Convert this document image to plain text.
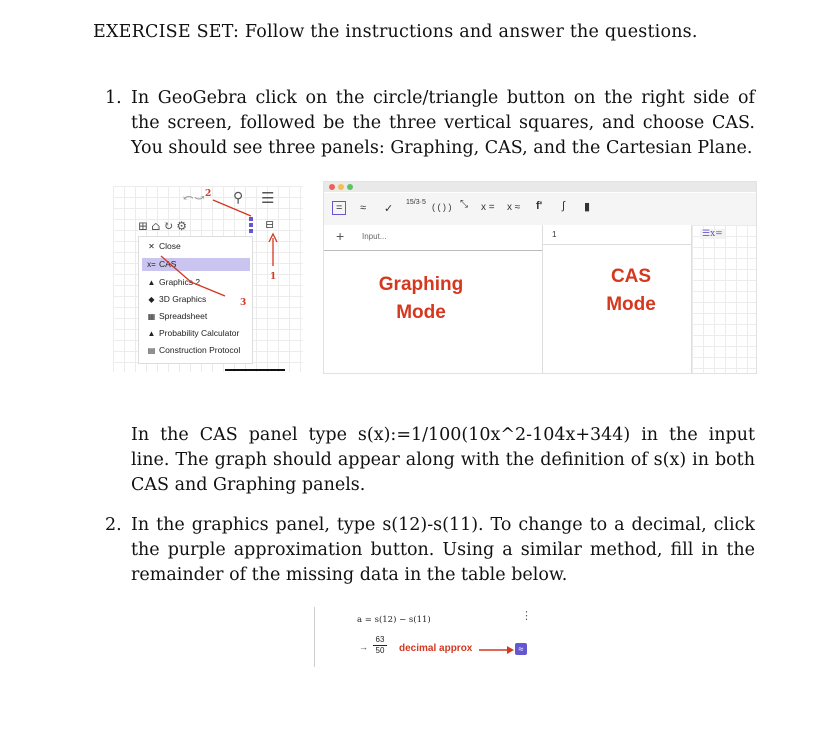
EXERCISE SET: Follow the instructions and answer the questions.
1. In GeoGebra click on the circle/triangle button on the right side of the screen, followed be the three vertical squares, and choose CAS. You should see three panels: Graphing, CAS, and the Cartesian Plane.
⤺⤻ ⚲ ☰
2
⊞⌂↻⚙	⊟
✕ Close
x= CAS
▲ Graphics 2
◆ 3D Graphics
▦ Spreadsheet
▲ Probability Calculator
▤ Construction Protocol
1
3
=	≈ ✓
15/3·5 ( ( ) ) ⤡ x = x ≈ f' ∫ ▮
+ Input...	1	☰x=
Graphing
Mode
CAS
Mode
In the CAS panel type s(x):=1/100(10x^2-104x+344) in the input line. The graph should appear along with the definition of s(x) in both CAS and Graphing panels.
2. In the graphics panel, type s(12)-s(11). To change to a decimal, click the purple approximation button. Using a similar method, fill in the remainder of the missing data in the table below.
a = s(12) − s(11)	⋮
→
63
50 decimal approx	≈
